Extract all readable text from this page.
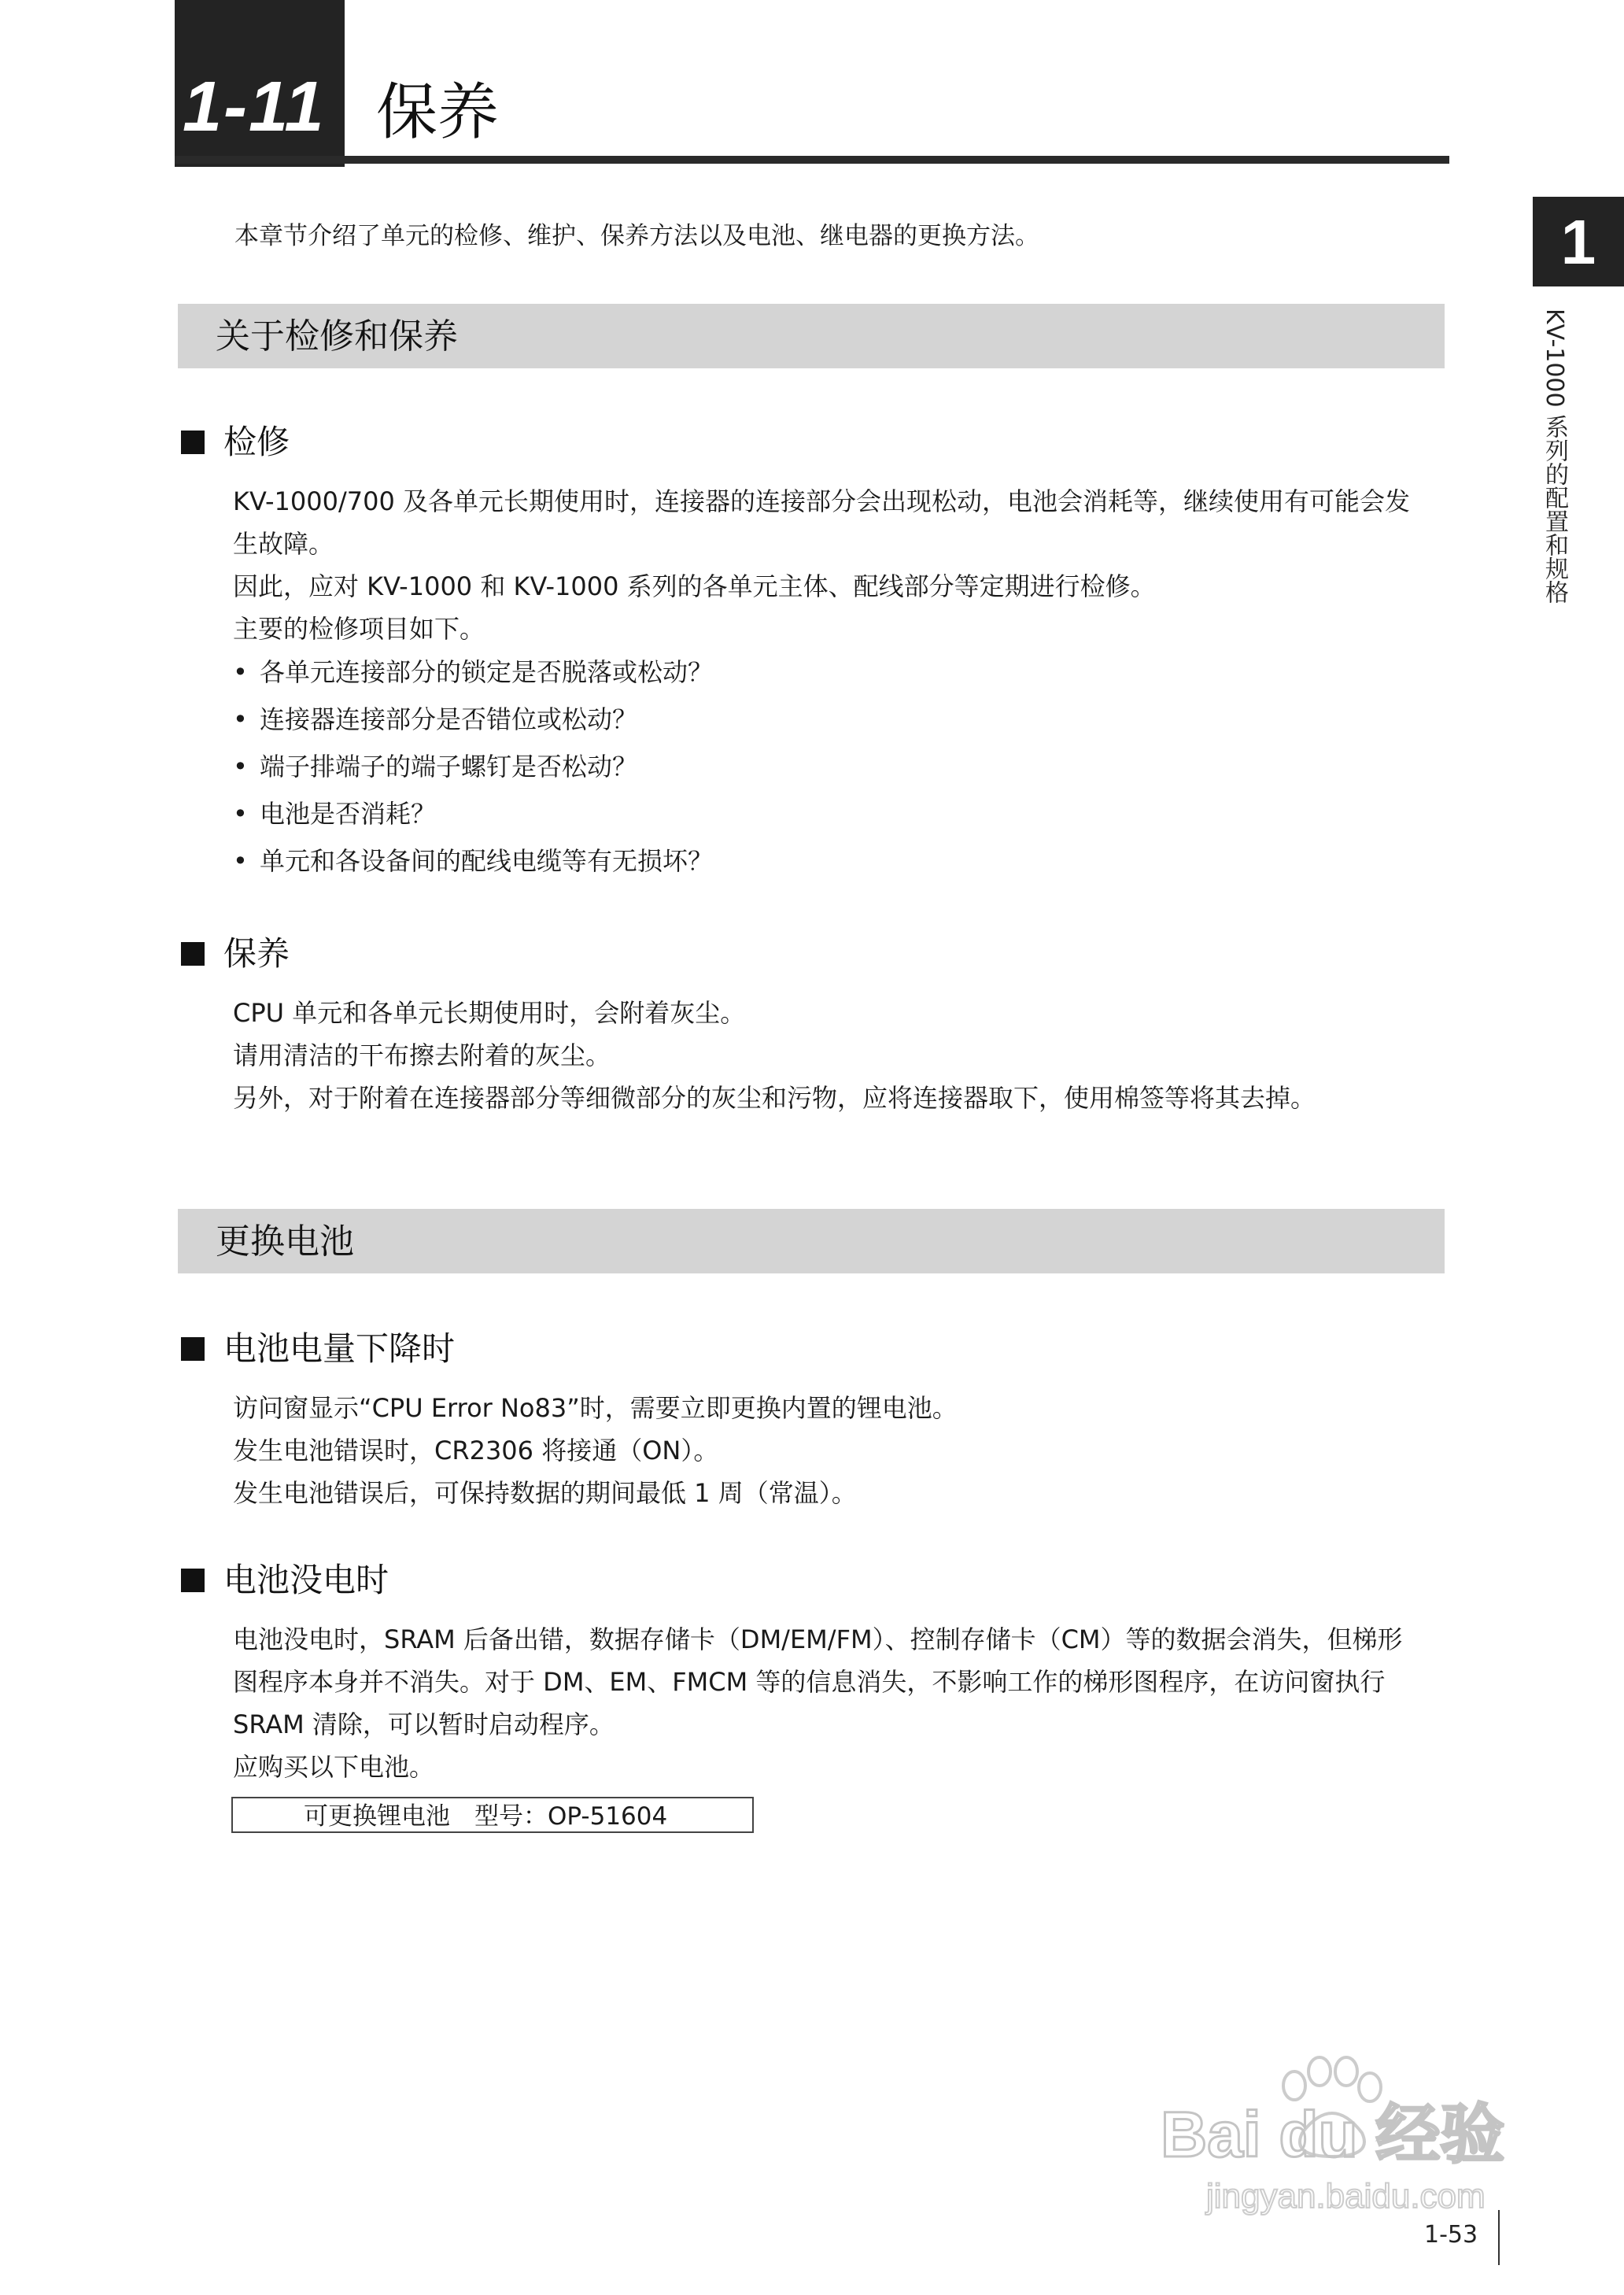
1-11 保养
1
KV-1000 系列的配置和规格
本章节介绍了单元的检修、维护、保养方法以及电池、继电器的更换方法。
关于检修和保养
检修

KV-1000/700 及各单元长期使用时，连接器的连接部分会出现松动，电池会消耗等，继续使用有可能会发

生故障。

因此，应对 KV-1000 和 KV-1000 系列的各单元主体、配线部分等定期进行检修。

主要的检修项目如下。

• 各单元连接部分的锁定是否脱落或松动？
• 连接器连接部分是否错位或松动？
• 端子排端子的端子螺钉是否松动？
• 电池是否消耗？
• 单元和各设备间的配线电缆等有无损坏？
保养

CPU 单元和各单元长期使用时，会附着灰尘。

请用清洁的干布擦去附着的灰尘。

另外，对于附着在连接器部分等细微部分的灰尘和污物，应将连接器取下，使用棉签等将其去掉。

更换电池
电池电量下降时

访问窗显示“CPU Error No83”时，需要立即更换内置的锂电池。

发生电池错误时，CR2306 将接通（ON）。

发生电池错误后，可保持数据的期间最低 1 周（常温）。

电池没电时

电池没电时，SRAM 后备出错，数据存储卡（DM/EM/FM）、控制存储卡（CM）等的数据会消失，但梯形

图程序本身并不消失。对于 DM、EM、FMCM 等的信息消失，不影响工作的梯形图程序，在访问窗执行

SRAM 清除，可以暂时启动程序。

应购买以下电池。

可更换锂电池　型号：OP-51604
Bai du 经验
jingyan.baidu.com
1-53
